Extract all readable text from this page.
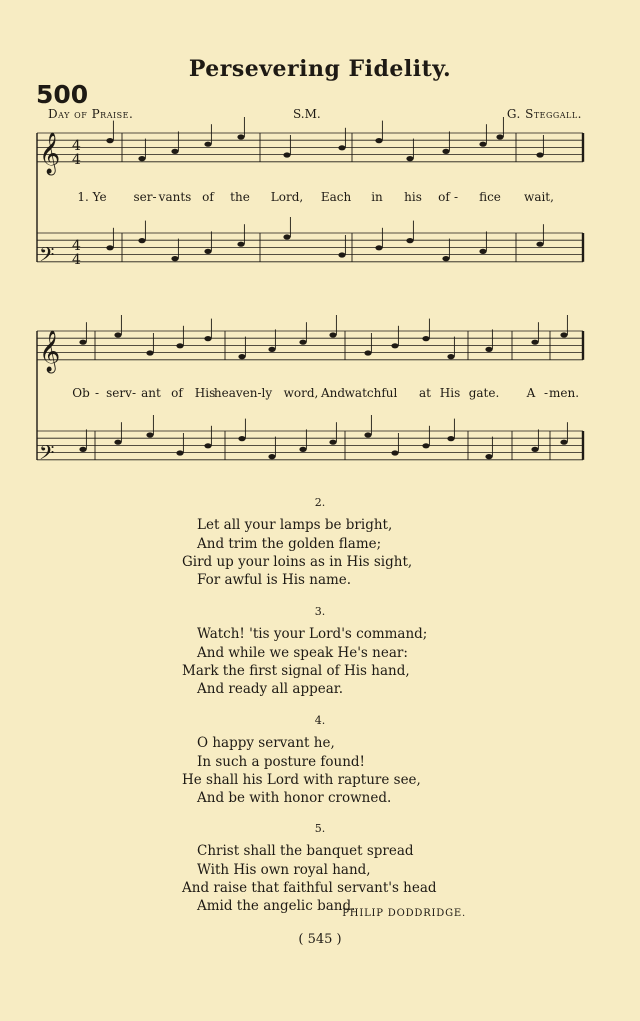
500
Persevering Fidelity.
Day of Praise.	S.M.	G. Steggall.
𝄞
𝄢
4
4
4
4
𝄞
𝄢
1. Ye ser- vants of the Lord, Each in his of - fice wait,
Ob - serv - ant of His
heaven-ly word, And watchful at His gate. A - men.
2.
Let all your lamps be bright,
And trim the golden flame;
Gird up your loins as in His sight,
For awful is His name.
3.
Watch! 'tis your Lord's command;
And while we speak He's near:
Mark the first signal of His hand,
And ready all appear.
4.
O happy servant he,
In such a posture found!
He shall his Lord with rapture see,
And be with honor crowned.
5.
Christ shall the banquet spread
With His own royal hand,
And raise that faithful servant's head
Amid the angelic band.
PHILIP DODDRIDGE.
( 545 )
